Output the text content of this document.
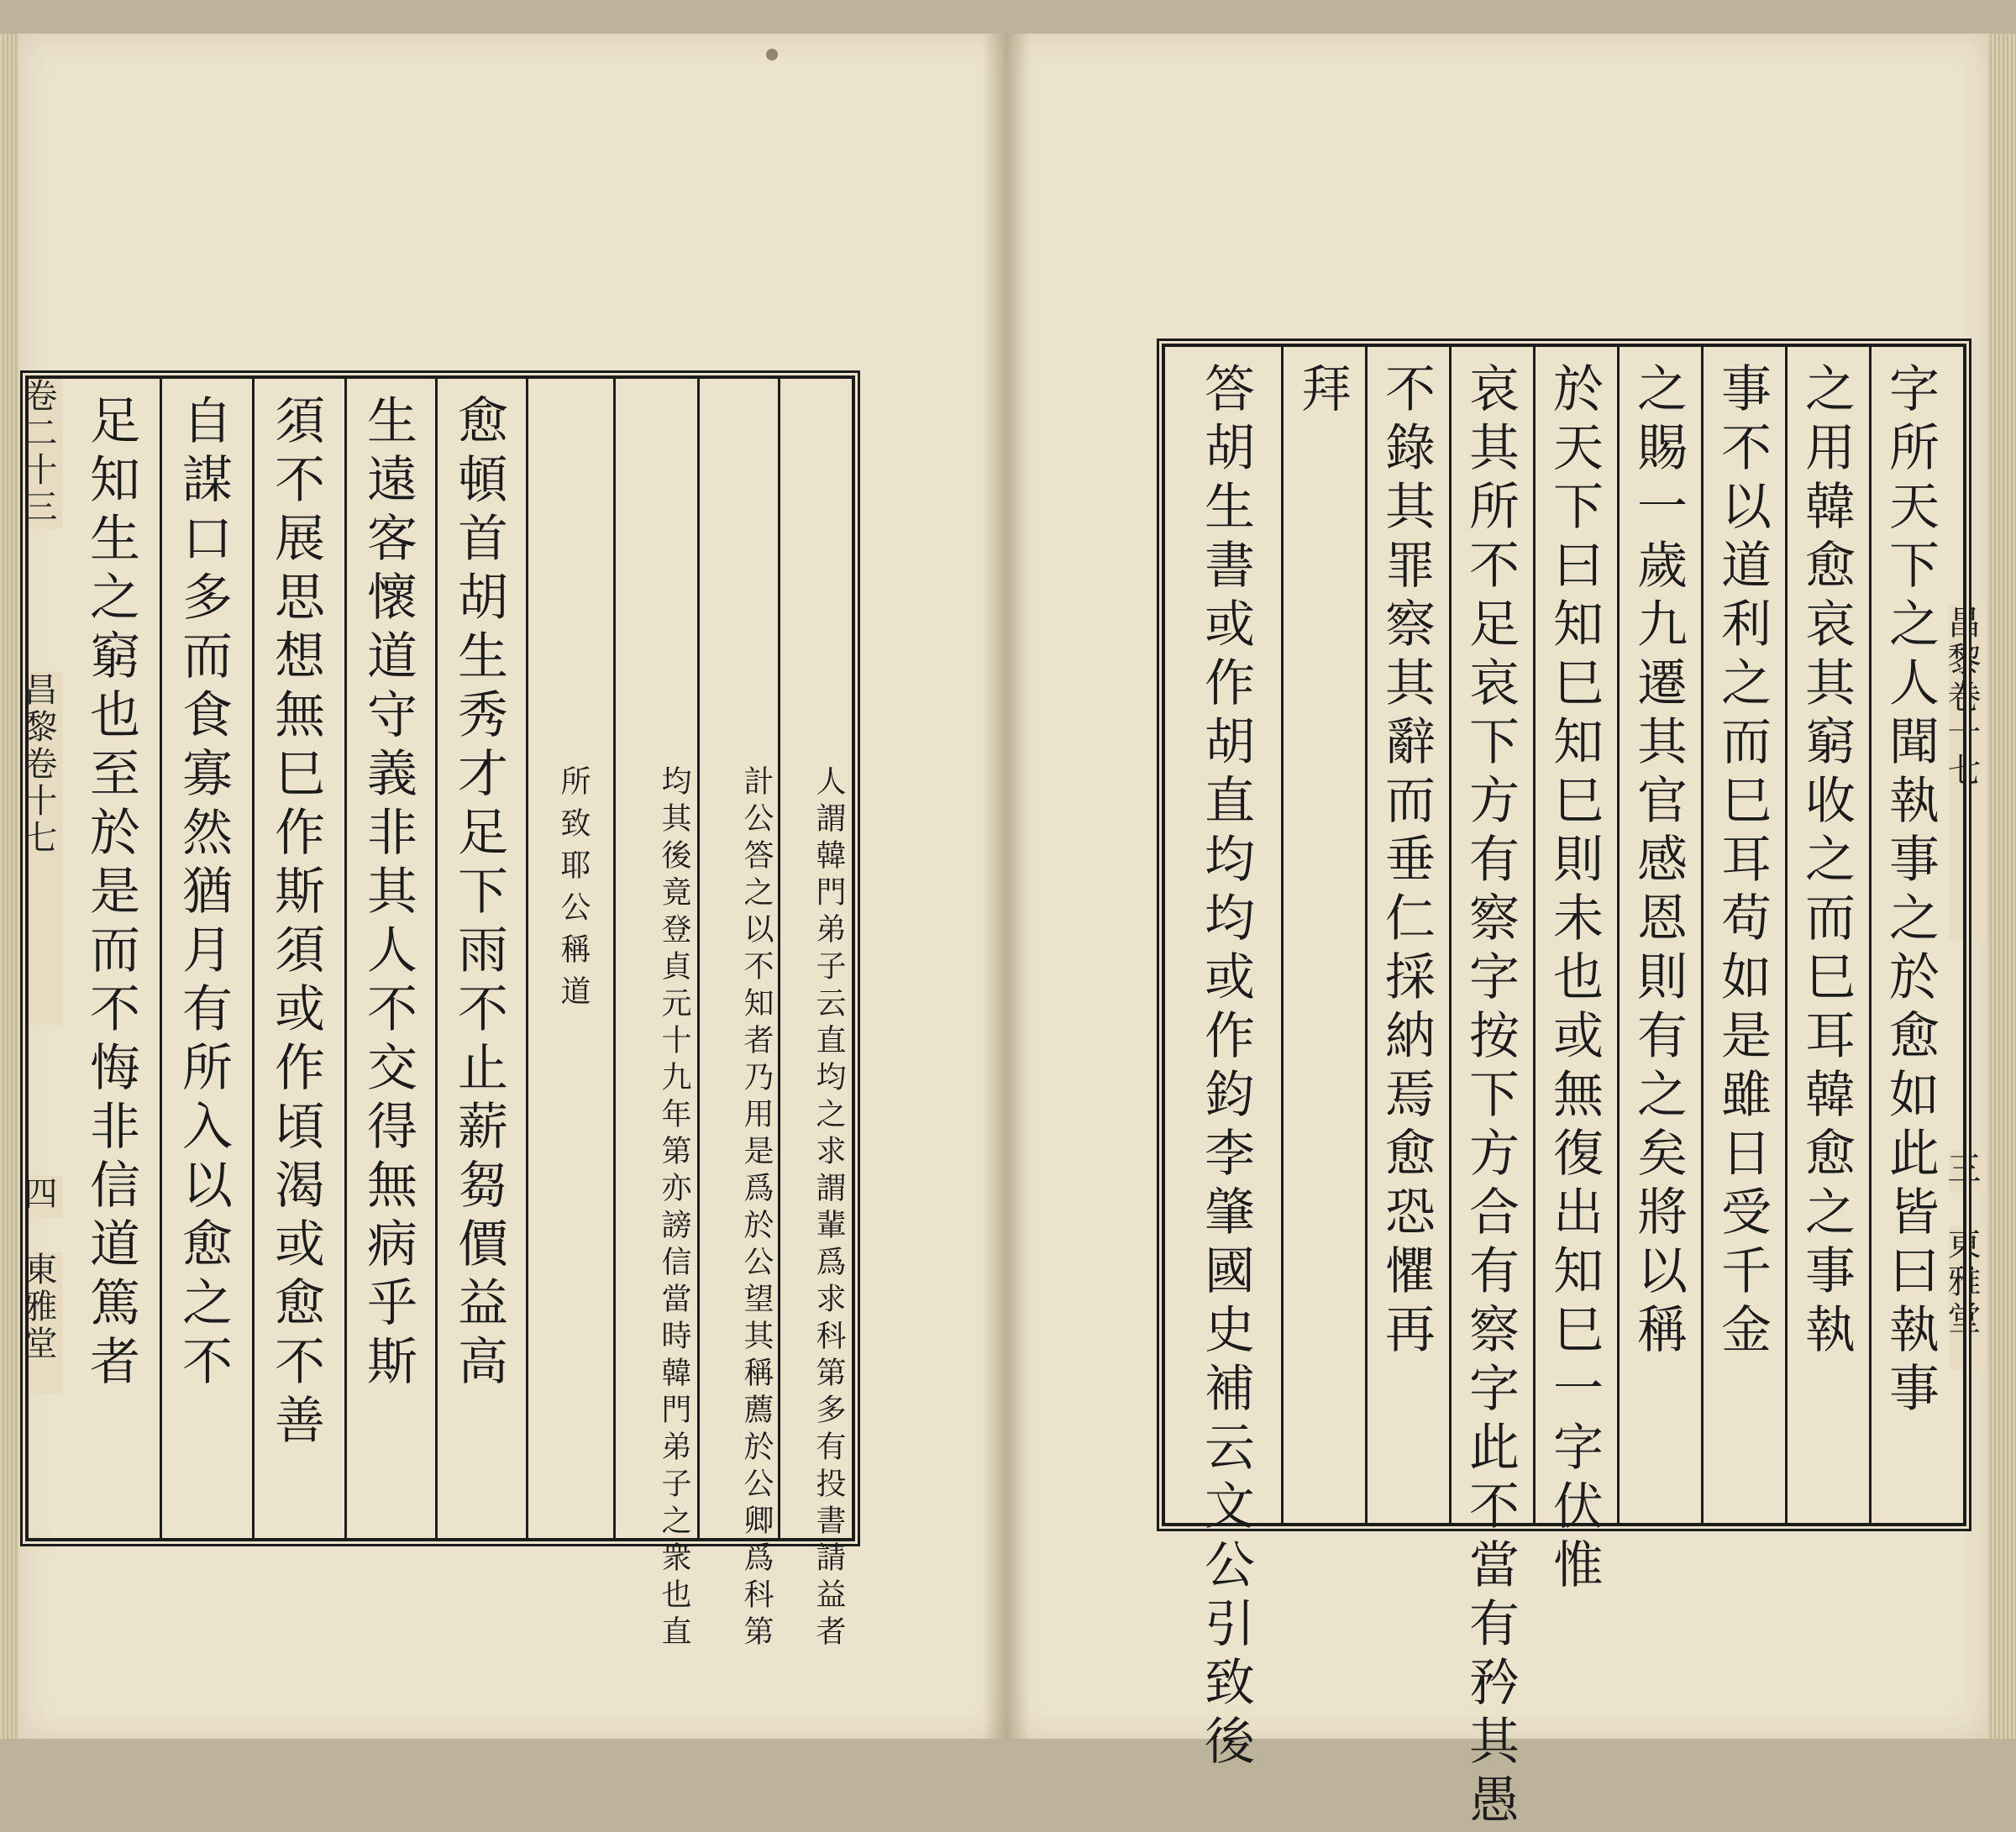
卷二十三
昌黎卷十七
四
東雅堂 足知生之窮也至於是而不悔非信道篤者 自謀口多而食寡然猶月有所入以愈之不 須不展思想無巳作斯須或作頃渴或愈不善 生遠客懷道守義非其人不交得無病乎斯 愈頓首胡生秀才足下雨不止薪芻價益高	所致耶公稱道	均其後竟登貞元十九年第亦謗信當時韓門弟子之衆也直	計公答之以不知者乃用是爲於公望其稱薦於公卿爲科第	人謂韓門弟子云直均之求謂輩爲求科第多有投書請益者
昌黎卷十七
三
東雅堂
字所天下之人聞執事之於愈如此皆曰執事
之用韓愈哀其窮收之而巳耳韓愈之事執
事不以道利之而巳耳苟如是雖日受千金
之賜一歲九遷其官感恩則有之矣將以稱
於天下曰知巳知巳則未也或無復出知巳一字伏惟
哀其所不足哀下方有察字按下方合有察字此不當有矜其愚
不錄其罪察其辭而垂仁採納焉愈恐懼再
拜
答胡生書或作胡直均均或作鈞李肇國史補云文公引致後
